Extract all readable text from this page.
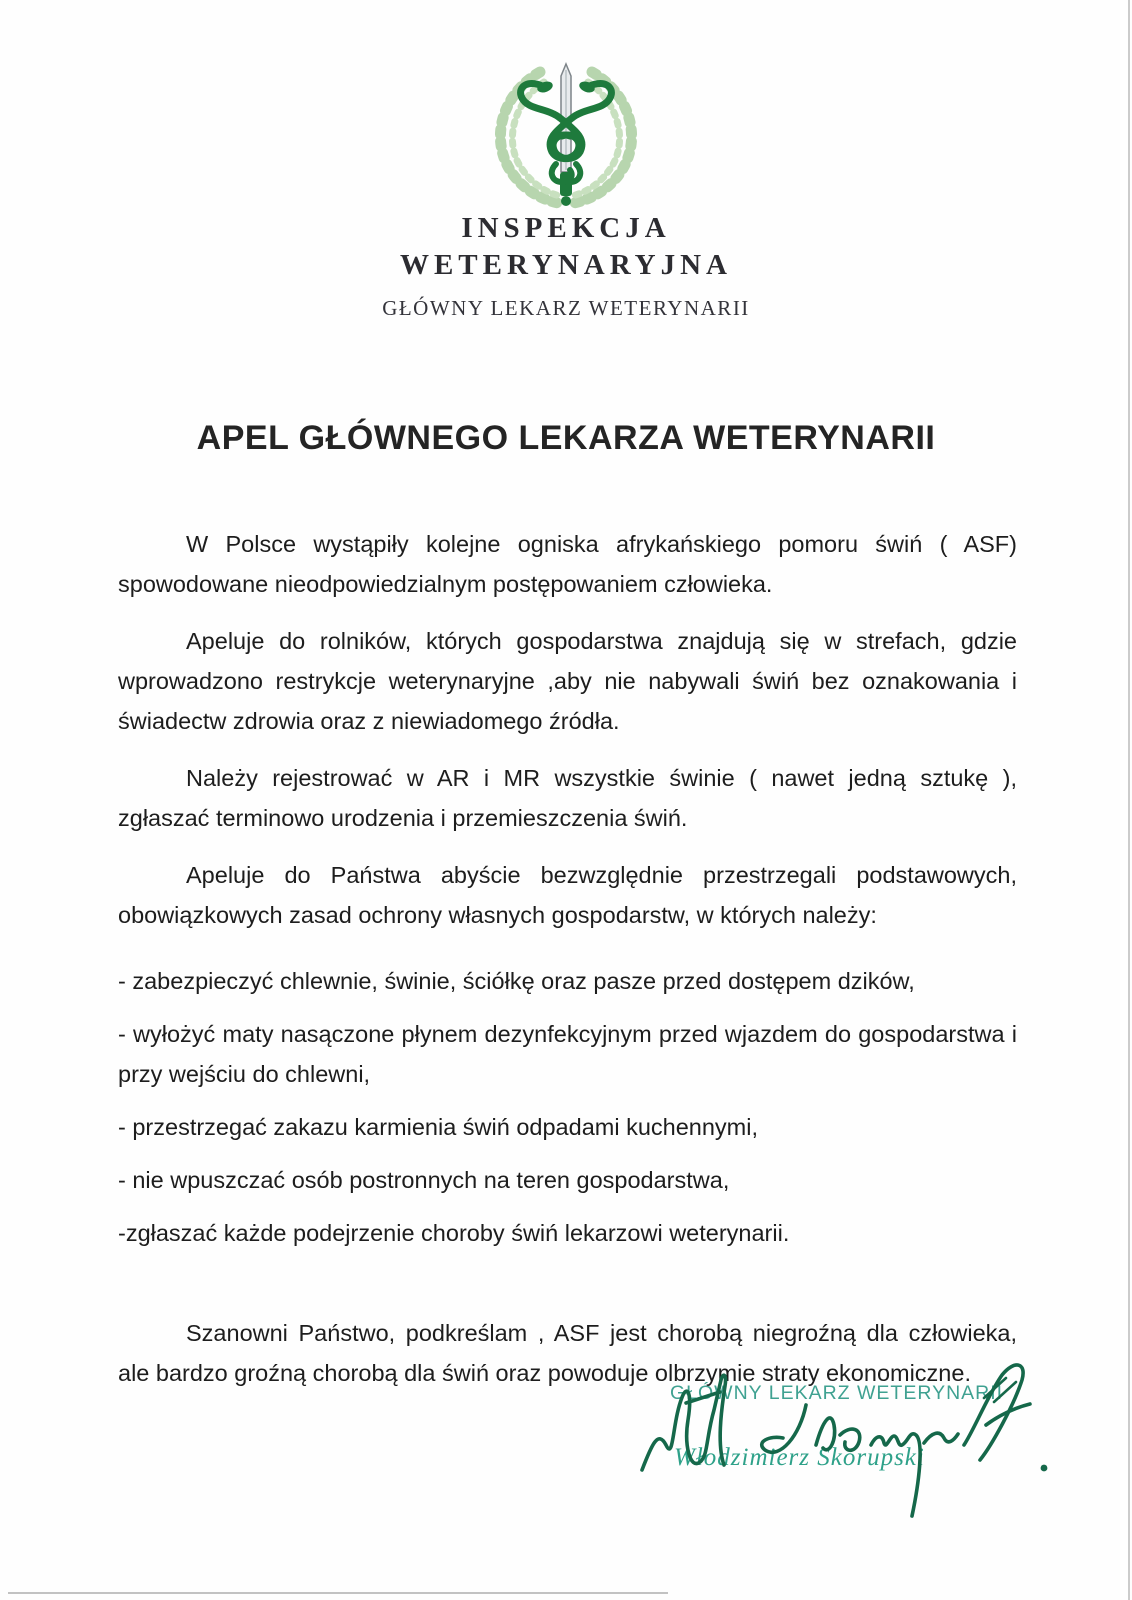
INSPEKCJA
WETERYNARYJNA
GŁÓWNY LEKARZ WETERYNARII
APEL GŁÓWNEGO LEKARZA WETERYNARII

W Polsce wystąpiły kolejne ogniska afrykańskiego pomoru świń ( ASF) spowodowane nieodpowiedzialnym postępowaniem człowieka.

Apeluje do rolników, których gospodarstwa znajdują się w strefach, gdzie wprowadzono restrykcje weterynaryjne ,aby nie nabywali świń bez oznakowania i świadectw zdrowia oraz z niewiadomego źródła.

Należy rejestrować w AR i MR wszystkie świnie ( nawet jedną sztukę ), zgłaszać terminowo urodzenia i przemieszczenia świń.

Apeluje do Państwa abyście bezwzględnie przestrzegali podstawowych, obowiązkowych zasad ochrony własnych gospodarstw, w których należy:

- zabezpieczyć chlewnie, świnie, ściółkę oraz pasze przed dostępem dzików,

- wyłożyć maty nasączone płynem dezynfekcyjnym przed wjazdem do gospodarstwa i przy wejściu do chlewni,

- przestrzegać zakazu karmienia świń odpadami kuchennymi,

- nie wpuszczać osób postronnych na teren gospodarstwa,

-zgłaszać każde podejrzenie choroby świń lekarzowi weterynarii.

Szanowni Państwo, podkreślam , ASF jest chorobą niegroźną dla człowieka, ale bardzo groźną chorobą dla świń oraz powoduje olbrzymie straty ekonomiczne.

GŁÓWNY LEKARZ WETERYNARII
Włodzimierz Skorupski
